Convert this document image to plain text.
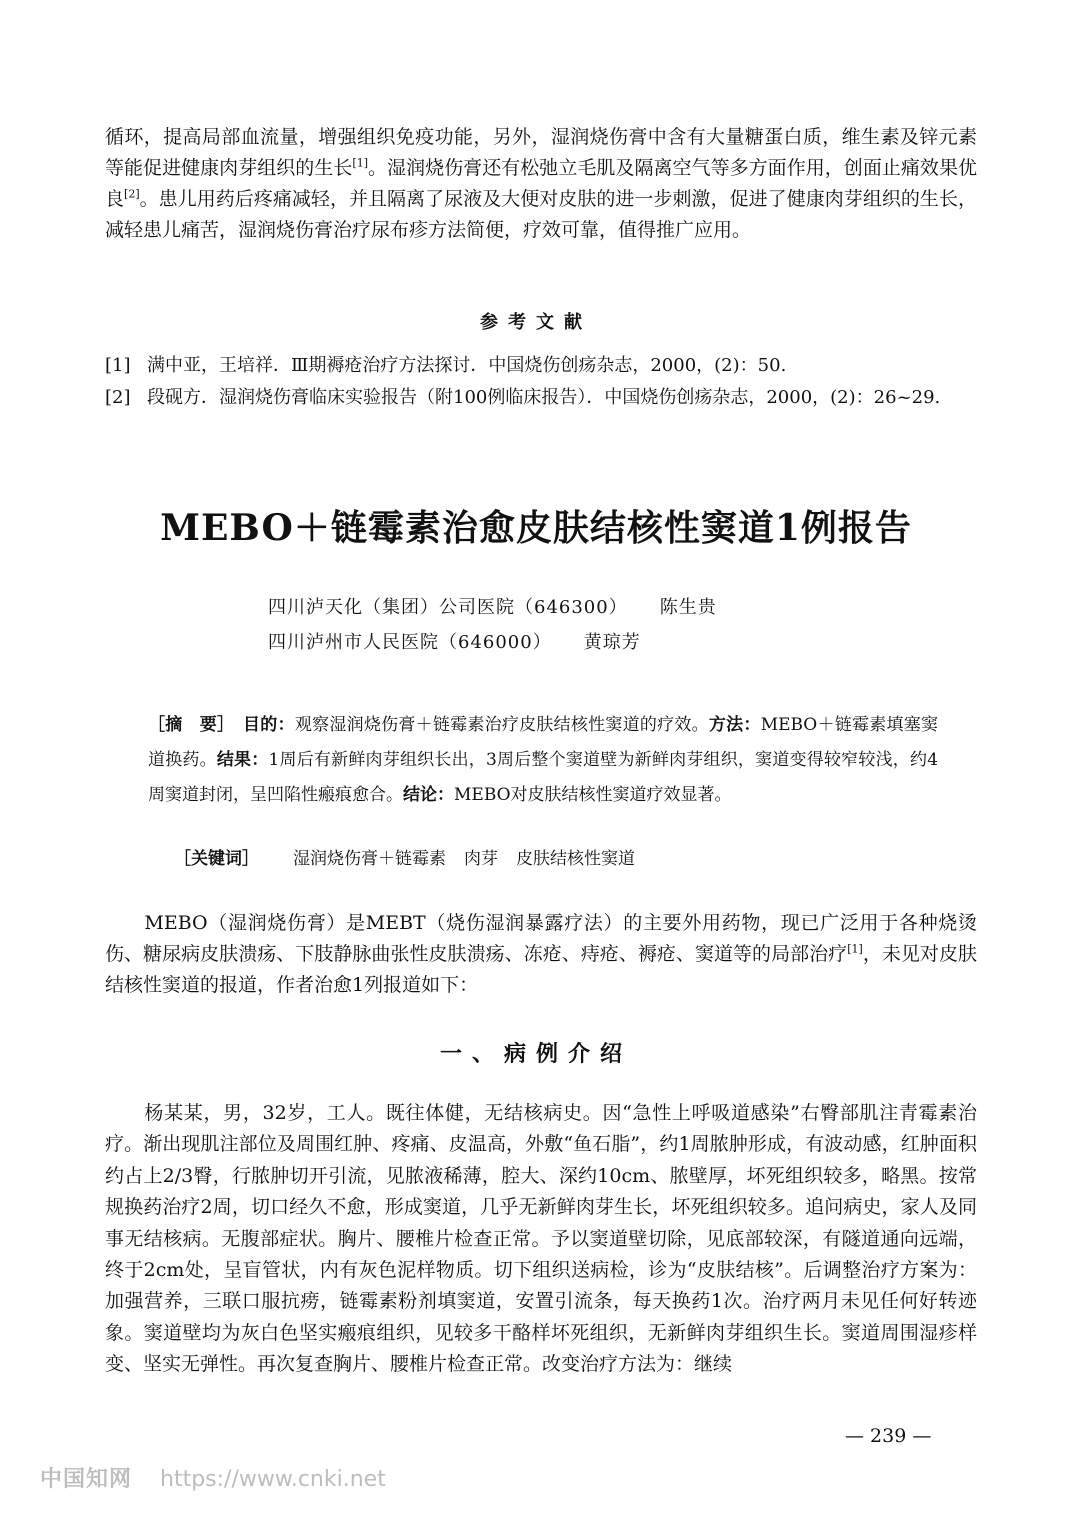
循环，提高局部血流量，增强组织免疫功能，另外，湿润烧伤膏中含有大量糖蛋白质，维生素及锌元素等能促进健康肉芽组织的生长[1]。湿润烧伤膏还有松弛立毛肌及隔离空气等多方面作用，创面止痛效果优良[2]。患儿用药后疼痛减轻，并且隔离了尿液及大便对皮肤的进一步刺激，促进了健康肉芽组织的生长，减轻患儿痛苦，湿润烧伤膏治疗尿布疹方法简便，疗效可靠，值得推广应用。

参考文献
[1] 满中亚，王培祥．Ⅲ期褥疮治疗方法探讨．中国烧伤创疡杂志，2000，(2)：50.
[2] 段砚方．湿润烧伤膏临床实验报告（附100例临床报告）．中国烧伤创疡杂志，2000，(2)：26~29.
MEBO＋链霉素治愈皮肤结核性窦道1例报告

四川泸天化（集团）公司医院（646300） 陈生贵

四川泸州市人民医院（646000） 黄琼芳

［摘　要］　 目的：观察湿润烧伤膏＋链霉素治疗皮肤结核性窦道的疗效。方法：MEBO＋链霉素填塞窦道换药。结果：1周后有新鲜肉芽组织长出，3周后整个窦道壁为新鲜肉芽组织，窦道变得较窄较浅，约4周窦道封闭，呈凹陷性瘢痕愈合。结论：MEBO对皮肤结核性窦道疗效显著。

［关键词］ 湿润烧伤膏＋链霉素 肉芽 皮肤结核性窦道

　　MEBO（湿润烧伤膏）是MEBT（烧伤湿润暴露疗法）的主要外用药物，现已广泛用于各种烧烫伤、糖尿病皮肤溃疡、下肢静脉曲张性皮肤溃疡、冻疮、痔疮、褥疮、窦道等的局部治疗[1]，未见对皮肤结核性窦道的报道，作者治愈1列报道如下：

一、病例介绍

　　杨某某，男，32岁，工人。既往体健，无结核病史。因“急性上呼吸道感染”右臀部肌注青霉素治疗。渐出现肌注部位及周围红肿、疼痛、皮温高，外敷“鱼石脂”，约1周脓肿形成，有波动感，红肿面积约占上2/3臀，行脓肿切开引流，见脓液稀薄，腔大、深约10cm、脓壁厚，坏死组织较多，略黑。按常规换药治疗2周，切口经久不愈，形成窦道，几乎无新鲜肉芽生长，坏死组织较多。追问病史，家人及同事无结核病。无腹部症状。胸片、腰椎片检查正常。予以窦道壁切除，见底部较深，有隧道通向远端，终于2cm处，呈盲管状，内有灰色泥样物质。切下组织送病检，诊为“皮肤结核”。后调整治疗方案为：加强营养，三联口服抗痨，链霉素粉剂填窦道，安置引流条，每天换药1次。治疗两月未见任何好转迹象。窦道壁均为灰白色坚实瘢痕组织，见较多干酪样坏死组织，无新鲜肉芽组织生长。窦道周围湿疹样变、坚实无弹性。再次复查胸片、腰椎片检查正常。改变治疗方法为：继续

— 239 —

中国知网 https://www.cnki.net
